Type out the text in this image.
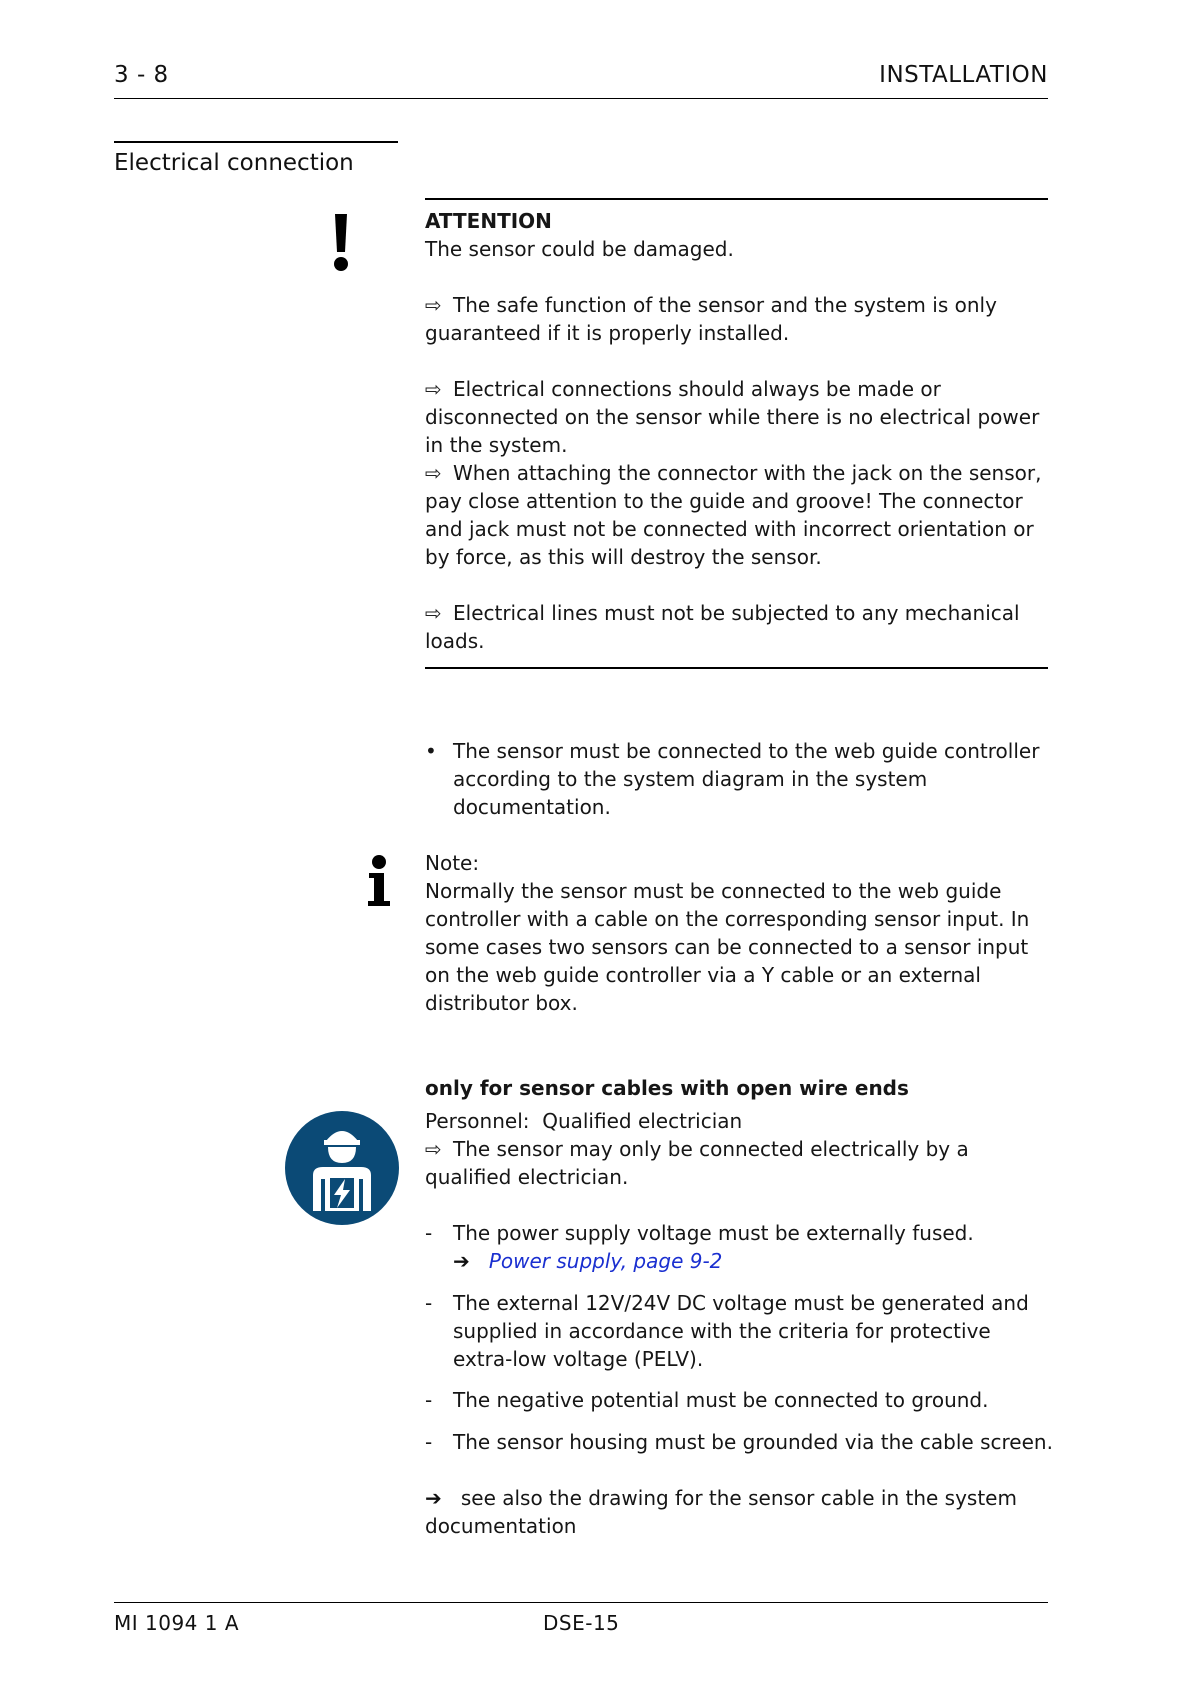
3 - 8	INSTALLATION
Electrical connection
ATTENTION
The sensor could be damaged.
⇨ The safe function of the sensor and the system is only guaranteed if it is properly installed.
⇨ Electrical connections should always be made or disconnected on the sensor while there is no electrical power in the system.
⇨ When attaching the connector with the jack on the sensor, pay close attention to the guide and groove! The connector and jack must not be connected with incorrect orientation or by force, as this will destroy the sensor.
⇨ Electrical lines must not be subjected to any mechanical loads.
• The sensor must be connected to the web guide controller according to the system diagram in the system documentation.
Note:
Normally the sensor must be connected to the web guide controller with a cable on the corresponding sensor input. In some cases two sensors can be connected to a sensor input on the web guide controller via a Y cable or an external distributor box.
only for sensor cables with open wire ends
Personnel: Qualified electrician
⇨ The sensor may only be connected electrically by a qualified electrician.
-	The power supply voltage must be externally fused.
➔ Power supply, page 9-2
-	The external 12V/24V DC voltage must be generated and supplied in accordance with the criteria for protective extra-low voltage (PELV).
-	The negative potential must be connected to ground.
-	The sensor housing must be grounded via the cable screen.
➔ see also the drawing for the sensor cable in the system documentation
MI 1094 1 A	DSE-15
